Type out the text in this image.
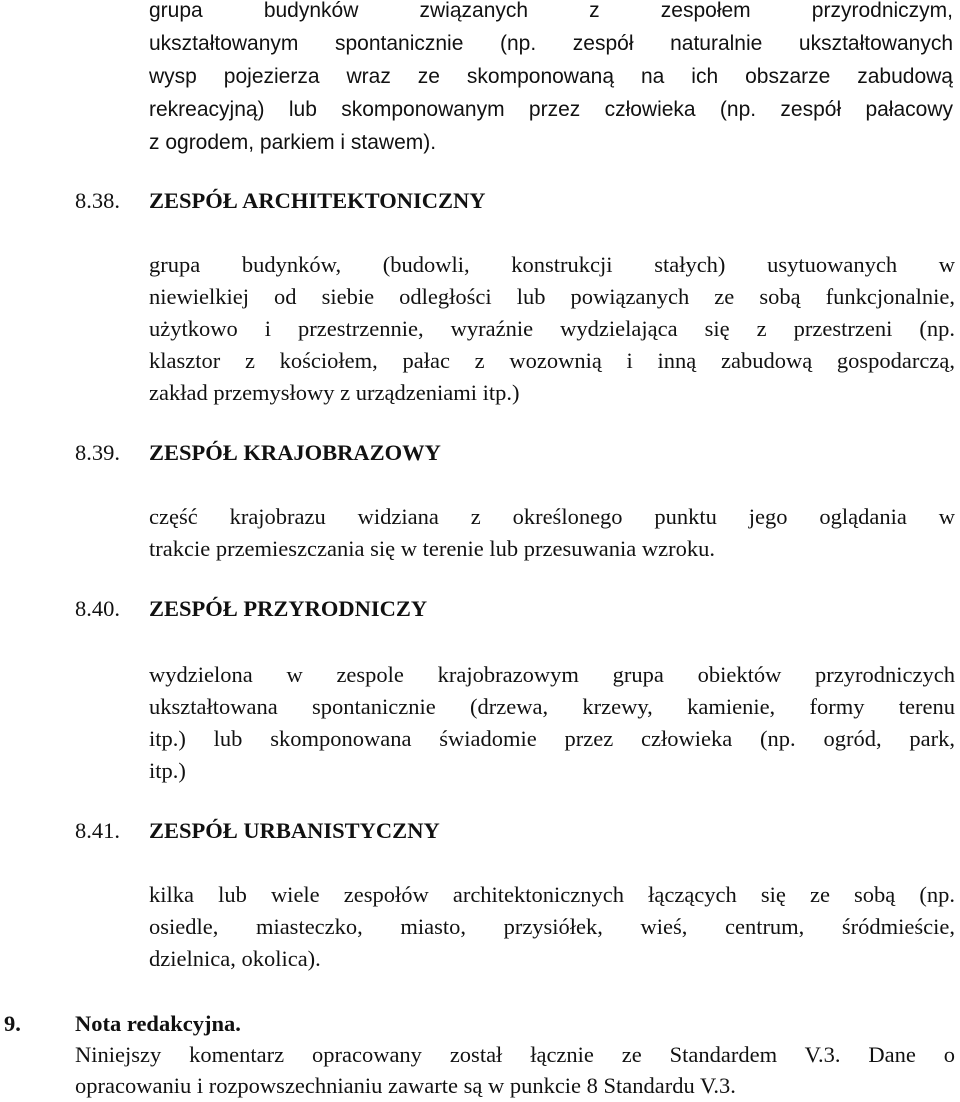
grupa budynków związanych z zespołem przyrodniczym,
ukształtowanym spontanicznie (np. zespół naturalnie ukształtowanych
wysp pojezierza wraz ze skomponowaną na ich obszarze zabudową
rekreacyjną) lub skomponowanym przez człowieka (np. zespół pałacowy
z ogrodem, parkiem i stawem).
8.38. ZESPÓŁ ARCHITEKTONICZNY
grupa budynków, (budowli, konstrukcji stałych) usytuowanych w
niewielkiej od siebie odległości lub powiązanych ze sobą funkcjonalnie,
użytkowo i przestrzennie, wyraźnie wydzielająca się z przestrzeni (np.
klasztor z kościołem, pałac z wozownią i inną zabudową gospodarczą,
zakład przemysłowy z urządzeniami itp.)
8.39. ZESPÓŁ KRAJOBRAZOWY
część krajobrazu widziana z określonego punktu jego oglądania w
trakcie przemieszczania się w terenie lub przesuwania wzroku.
8.40. ZESPÓŁ PRZYRODNICZY
wydzielona w zespole krajobrazowym grupa obiektów przyrodniczych
ukształtowana spontanicznie (drzewa, krzewy, kamienie, formy terenu
itp.) lub skomponowana świadomie przez człowieka (np. ogród, park,
itp.)
8.41. ZESPÓŁ URBANISTYCZNY
kilka lub wiele zespołów architektonicznych łączących się ze sobą (np.
osiedle, miasteczko, miasto, przysiółek, wieś, centrum, śródmieście,
dzielnica, okolica).
9. Nota redakcyjna.
Niniejszy komentarz opracowany został łącznie ze Standardem V.3. Dane o
opracowaniu i rozpowszechnianiu zawarte są w punkcie 8 Standardu V.3.
